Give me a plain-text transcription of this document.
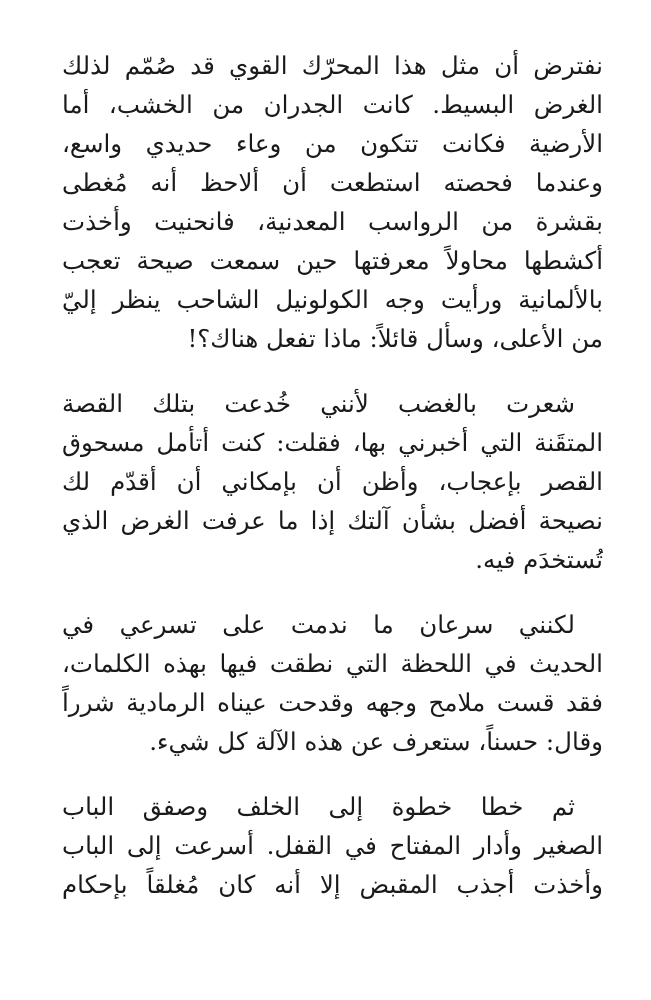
نفترض أن مثل هذا المحرّك القوي قد صُمّم لذلك
الغرض البسيط. كانت الجدران من الخشب، أما
الأرضية فكانت تتكون من وعاء حديدي واسع،
وعندما فحصته استطعت أن ألاحظ أنه مُغطى
بقشرة من الرواسب المعدنية، فانحنيت وأخذت
أكشطها محاولاً معرفتها حين سمعت صيحة تعجب
بالألمانية ورأيت وجه الكولونيل الشاحب ينظر إليّ
من الأعلى، وسأل قائلاً: ماذا تفعل هناك؟!
شعرت بالغضب لأنني خُدعت بتلك القصة
المتقَنة التي أخبرني بها، فقلت: كنت أتأمل مسحوق
القصر بإعجاب، وأظن أن بإمكاني أن أقدّم لك
نصيحة أفضل بشأن آلتك إذا ما عرفت الغرض الذي
تُستخدَم فيه.
لكنني سرعان ما ندمت على تسرعي في
الحديث في اللحظة التي نطقت فيها بهذه الكلمات،
فقد قست ملامح وجهه وقدحت عيناه الرمادية شرراً
وقال: حسناً، ستعرف عن هذه الآلة كل شيء.
ثم خطا خطوة إلى الخلف وصفق الباب
الصغير وأدار المفتاح في القفل. أسرعت إلى الباب
وأخذت أجذب المقبض إلا أنه كان مُغلقاً بإحكام
